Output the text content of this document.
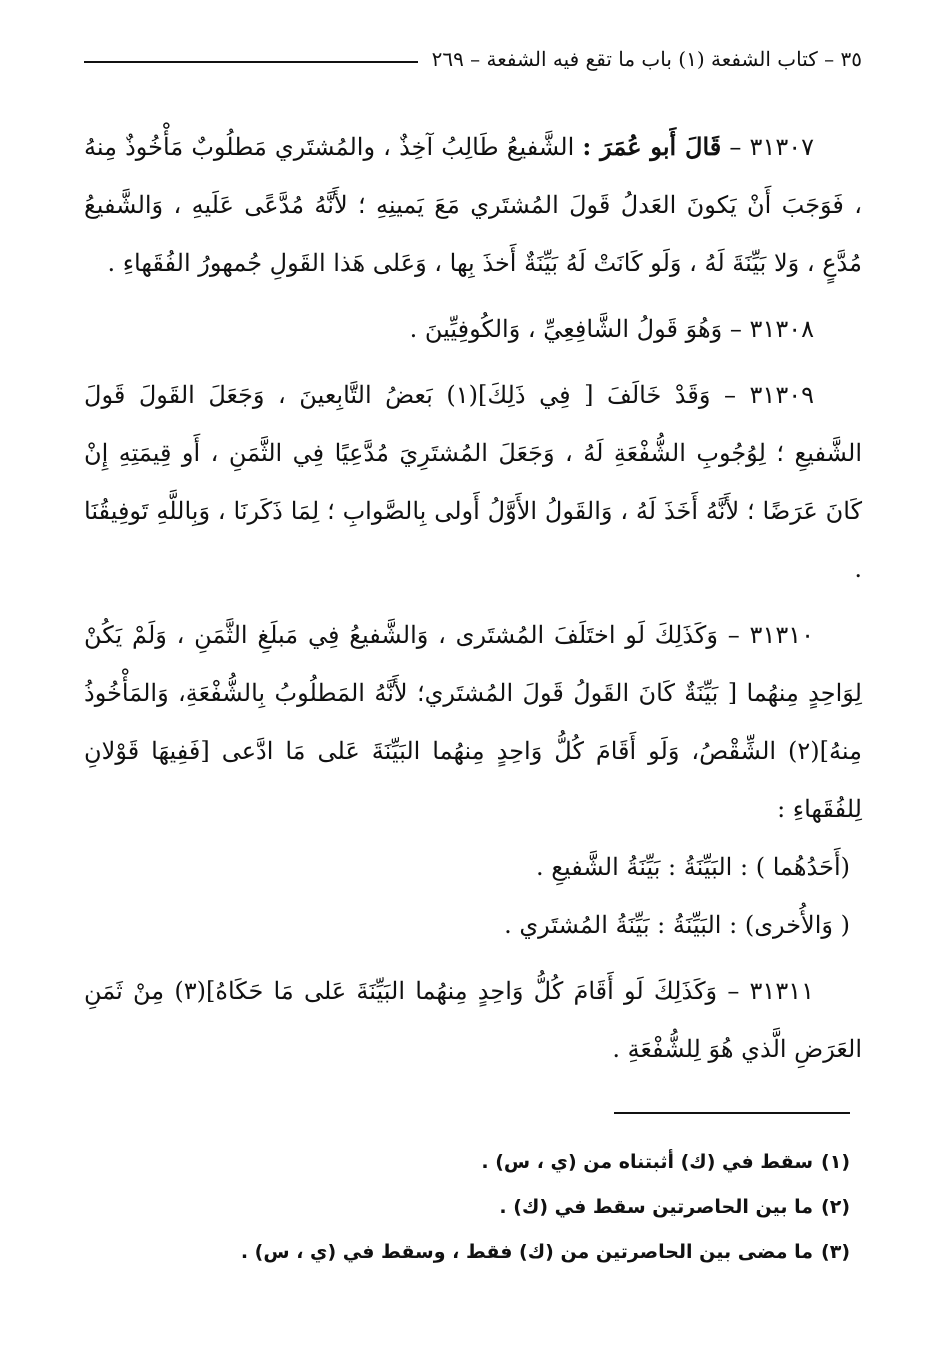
٣٥ – كتاب الشفعة (١) باب ما تقع فيه الشفعة – ٢٦٩

٣١٣٠٧ – قَالَ أَبو عُمَرَ : الشَّفيعُ طَالِبُ آخِذٌ ، والمُشتَري مَطلُوبٌ مَأْخُوذٌ مِنهُ ، فَوَجَبَ أَنْ يَكونَ العَدلُ قَولَ المُشتَري مَعَ يَمينِهِ ؛ لأَنَّهُ مُدَّعًى عَلَيهِ ، وَالشَّفيعُ مُدَّعٍ ، وَلا بَيِّنَةَ لَهُ ، وَلَو كَانَتْ لَهُ بَيِّنَةٌ أَخذَ بِها ، وَعَلى هَذا القَولِ جُمهورُ الفُقَهاءِ .

٣١٣٠٨ – وَهُوَ قَولُ الشَّافِعِيِّ ، وَالكُوفِيِّينَ .

٣١٣٠٩ – وَقَدْ خَالَفَ [ فِي ذَلِكَ](١) بَعضُ التَّابِعينَ ، وَجَعَلَ القَولَ قَولَ الشَّفيعِ ؛ لِوُجُوبِ الشُّفْعَةِ لَهُ ، وَجَعَلَ المُشتَرِيَ مُدَّعِيًا فِي الثَّمَنِ ، أَو قِيمَتِهِ إِنْ كَانَ عَرَضًا ؛ لأَنَّهُ أَخَذَ لَهُ ، وَالقَولُ الأَوَّلُ أَولى بِالصَّوابِ ؛ لِمَا ذَكَرنَا ، وَبِاللَّهِ تَوفِيقُنَا .

٣١٣١٠ – وَكَذَلِكَ لَو اختَلَفَ المُشتَرى ، وَالشَّفيعُ فِي مَبلَغِ الثَّمَنِ ، وَلَمْ يَكُنْ لِوَاحِدٍ مِنهُما [ بَيِّنَةٌ كَانَ القَولُ قَولَ المُشتَري؛ لأَنَّهُ المَطلُوبُ بِالشُّفْعَةِ، وَالمَأْخُوذُ مِنهُ](٢) الشِّقْصُ، وَلَو أَقَامَ كُلُّ وَاحِدٍ مِنهُما البَيِّنَةَ عَلى مَا ادَّعى [فَفِيهَا قَوْلانِ لِلفُقَهاءِ :

(أَحَدُهُما ) : البَيِّنَةُ : بَيِّنَةُ الشَّفيعِ .

( وَالأُخرى) : البَيِّنَةُ : بَيِّنَةُ المُشتَري .

٣١٣١١ – وَكَذَلِكَ لَو أَقَامَ كُلُّ وَاحِدٍ مِنهُما البَيِّنَةَ عَلى مَا حَكَاهُ](٣) مِنْ ثَمَنِ العَرَضِ الَّذي هُوَ لِلشُّفْعَةِ .

(١)سقط في (ك) أثبتناه من (ي ، س) .

(٢)ما بين الحاصرتين سقط في (ك) .

(٣)ما مضى بين الحاصرتين من (ك) فقط ، وسقط في (ي ، س) .
